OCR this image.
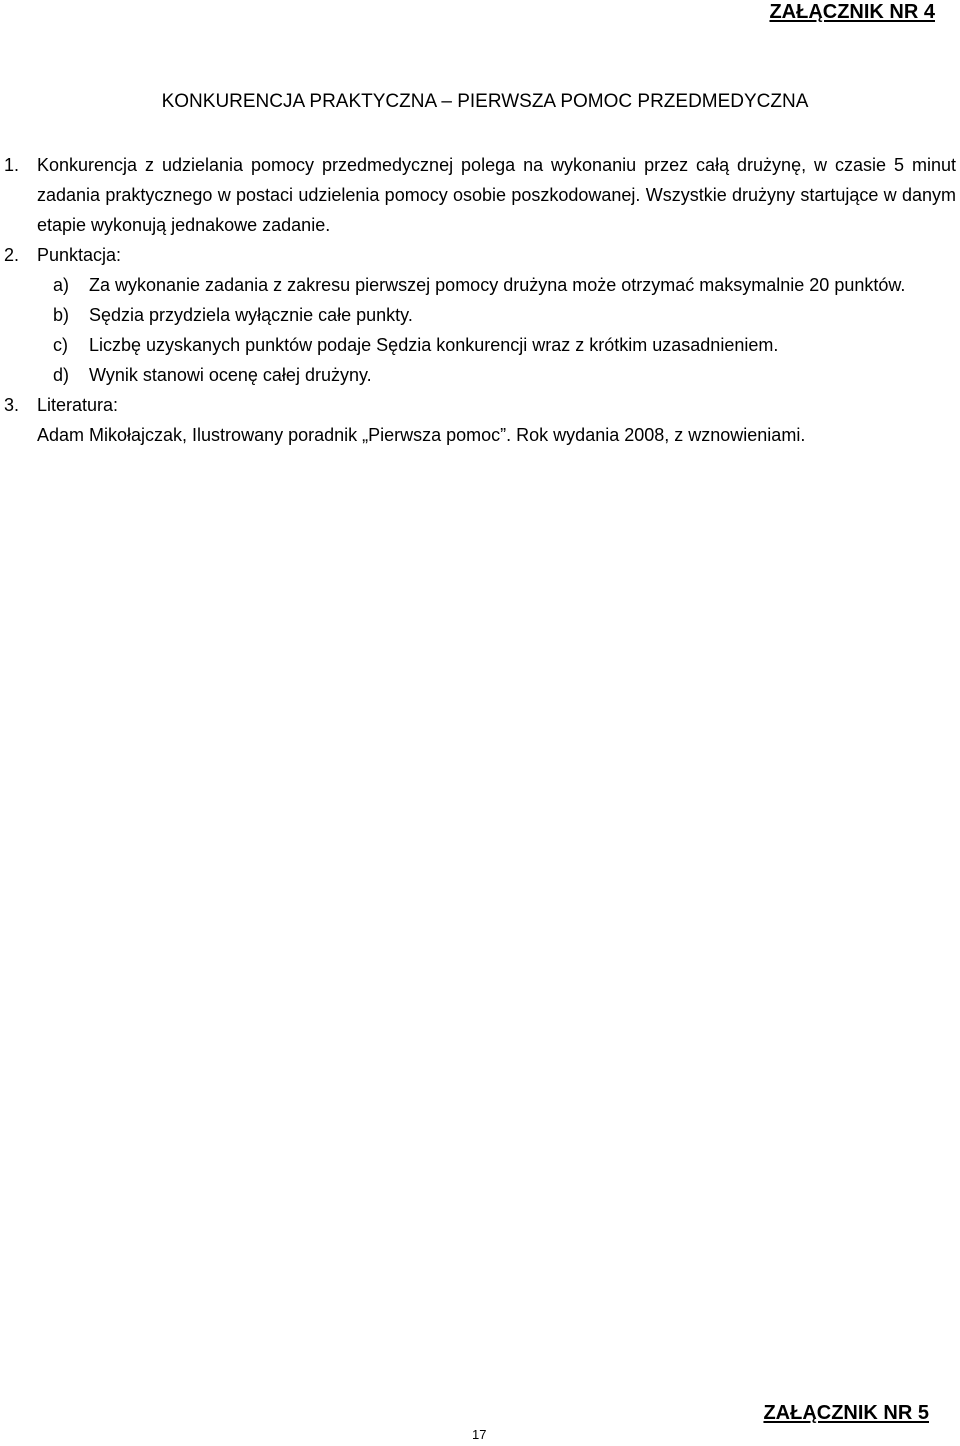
ZAŁĄCZNIK NR 4
KONKURENCJA PRAKTYCZNA – PIERWSZA POMOC PRZEDMEDYCZNA
1. Konkurencja z udzielania pomocy przedmedycznej polega na wykonaniu przez całą drużynę, w czasie 5 minut zadania praktycznego w postaci udzielenia pomocy osobie poszkodowanej. Wszystkie drużyny startujące w danym etapie wykonują jednakowe zadanie.
2. Punktacja:
a)	Za wykonanie zadania z zakresu pierwszej pomocy drużyna może otrzymać maksymalnie 20 punktów.
b)	Sędzia przydziela wyłącznie całe punkty.
c)	Liczbę uzyskanych punktów podaje Sędzia konkurencji wraz z krótkim uzasadnieniem.
d)	Wynik stanowi ocenę całej drużyny.
3. Literatura:
Adam Mikołajczak, Ilustrowany poradnik „Pierwsza pomoc”. Rok wydania 2008, z wznowieniami.
17
ZAŁĄCZNIK NR 5
